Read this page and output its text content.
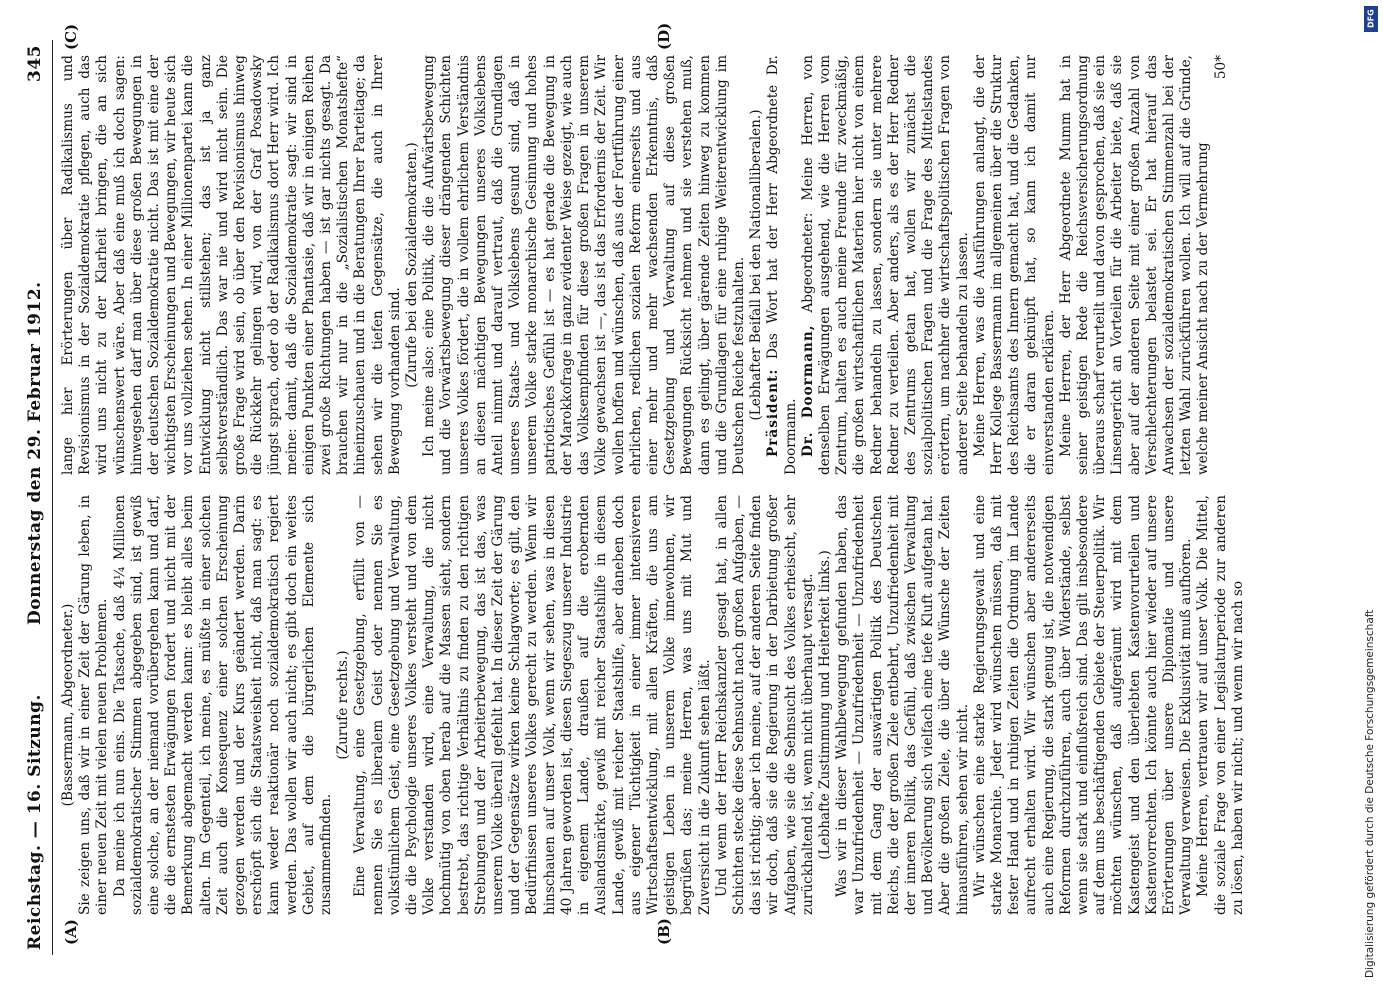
Reichstag. — 16. Sitzung.
Donnerstag den 29. Februar 1912.
345
(A)	(B)
(C)	(D)

(Bassermann, Abgeordneter.) Sie zeigen uns, daß wir in einer Zeit der Gärung leben, in einer neuen Zeit mit vielen neuen Problemen. Da meine ich nun eins. Die Tatsache, daß 4¼ Millionen sozialdemokratischer Stimmen abgegeben sind, ist gewiß eine solche, an der niemand vorübergehen kann und darf, die die ernstesten Erwägungen fordert und nicht mit der Bemerkung abgemacht werden kann: es bleibt alles beim alten. Im Gegenteil, ich meine, es müßte in einer solchen Zeit auch die Konsequenz einer solchen Erscheinung gezogen werden und der Kurs geändert werden. Darin erschöpft sich die Staatsweisheit nicht, daß man sagt: es kann weder reaktionär noch sozialdemokratisch regiert werden. Das wollen wir auch nicht; es gibt doch ein weites Gebiet, auf dem die bürgerlichen Elemente sich zusammenfinden.

(Zurufe rechts.) Eine Verwaltung, eine Gesetzgebung, erfüllt von — nennen Sie es liberalem Geist oder nennen Sie es volkstümlichem Geist, eine Gesetzgebung und Verwaltung, die die Psychologie unseres Volkes versteht und von dem Volke verstanden wird, eine Verwaltung, die nicht hochmütig von oben herab auf die Massen sieht, sondern bestrebt, das richtige Verhältnis zu finden zu den richtigen Strebungen und der Arbeiterbewegung, das ist das, was unserem Volke überall gefehlt hat. In dieser Zeit der Gärung und der Gegensätze wirken keine Schlagworte; es gilt, den Bedürfnissen unseres Volkes gerecht zu werden. Wenn wir hinschauen auf unser Volk, wenn wir sehen, was in diesen 40 Jahren geworden ist, diesen Siegeszug unserer Industrie in eigenem Lande, draußen auf die erobernden Auslandsmärkte, gewiß mit reicher Staatshilfe in diesem Lande, gewiß mit reicher Staatshilfe, aber daneben doch aus eigener Tüchtigkeit in einer immer intensiveren Wirtschaftsentwicklung, mit allen Kräften, die uns am geistigen Leben in unserem Volke innewohnen, wir begrüßen das; meine Herren, was uns mit Mut und Zuversicht in die Zukunft sehen läßt. Und wenn der Herr Reichskanzler gesagt hat, in allen Schichten stecke diese Sehnsucht nach großen Aufgaben, — das ist richtig; aber ich meine, auf der anderen Seite finden wir doch, daß sie die Regierung in der Darbietung großer Aufgaben, wie sie die Sehnsucht des Volkes erheischt, sehr zurückhaltend ist, wenn nicht überhaupt versagt. (Lebhafte Zustimmung und Heiterkeit links.) Was wir in dieser Wahlbewegung gefunden haben, das war Unzufriedenheit — Unzufriedenheit — Unzufriedenheit mit dem Gang der auswärtigen Politik des Deutschen Reichs, die der großen Ziele entbehrt, Unzufriedenheit mit der inneren Politik, das Gefühl, daß zwischen Verwaltung und Bevölkerung sich vielfach eine tiefe Kluft aufgetan hat. Aber die großen Ziele, die über die Wünsche der Zeiten hinausführen, sehen wir nicht. Wir wünschen eine starke Regierungsgewalt und eine starke Monarchie. Jeder wird wünschen müssen, daß mit fester Hand und in ruhigen Zeiten die Ordnung im Lande aufrecht erhalten wird. Wir wünschen aber andererseits auch eine Regierung, die stark genug ist, die notwendigen Reformen durchzuführen, auch über Widerstände, selbst wenn sie stark und einflußreich sind. Das gilt insbesondere auf dem uns beschäftigenden Gebiete der Steuerpolitik. Wir möchten wünschen, daß aufgeräumt wird mit dem Kastengeist und den überlebten Kastenvorurteilen und Kastenvorrechten. Ich könnte auch hier wieder auf unsere Erörterungen über unsere Diplomatie und unsere Verwaltung verweisen. Die Exklusivität muß aufhören. Meine Herren, vertrauen wir auf unser Volk. Die Mittel, die soziale Frage von einer Legislaturperiode zur anderen zu lösen, haben wir nicht; und wenn wir nach so

lange hier Erörterungen über Radikalismus und Revisionismus in der Sozialdemokratie pflegen, auch das wird uns nicht zu der Klarheit bringen, die an sich wünschenswert wäre. Aber daß eine muß ich doch sagen: hinwegsehen darf man über diese großen Bewegungen in der deutschen Sozialdemokratie nicht. Das ist mit eine der wichtigsten Erscheinungen und Bewegungen, wir heute sich vor uns vollziehen sehen. In einer Millionenpartei kann die Entwicklung nicht stillstehen; das ist ja ganz selbstverständlich. Das war nie und wird nicht sein. Die große Frage wird sein, ob über den Revisionismus hinweg die Rückkehr gelingen wird, von der Graf Posadowsky jüngst sprach, oder ob der Radikalismus dort Herr wird. Ich meine: damit, daß die Sozialdemokratie sagt: wir sind in einigen Punkten einer Phantasie, daß wir in einigen Reihen zwei große Richtungen haben — ist gar nichts gesagt. Da brauchen wir nur in die „Sozialistischen Monatshefte“ hineinzuschauen und in die Beratungen Ihrer Parteitage; da sehen wir die tiefen Gegensätze, die auch in Ihrer Bewegung vorhanden sind. (Zurufe bei den Sozialdemokraten.) Ich meine also: eine Politik, die die Aufwärtsbewegung und die Vorwärtsbewegung dieser drängenden Schichten unseres Volkes fördert, die in vollem ehrlichem Verständnis an diesen mächtigen Bewegungen unseres Volkslebens Anteil nimmt und darauf vertraut, daß die Grundlagen unseres Staats- und Volkslebens gesund sind, daß in unserem Volke starke monarchische Gesinnung und hohes patriotisches Gefühl ist — es hat gerade die Bewegung in der Marokkofrage in ganz evidenter Weise gezeigt, wie auch das Volksempfinden für diese großen Fragen in unserem Volke gewachsen ist —, das ist das Erfordernis der Zeit. Wir wollen hoffen und wünschen, daß aus der Fortführung einer ehrlichen, redlichen sozialen Reform einerseits und aus einer mehr und mehr wachsenden Erkenntnis, daß Gesetzgebung und Verwaltung auf diese großen Bewegungen Rücksicht nehmen und sie verstehen muß, dann es gelingt, über gärende Zeiten hinweg zu kommen und die Grundlagen für eine ruhige Weiterentwicklung im Deutschen Reiche festzuhalten. (Lebhafter Beifall bei den Nationalliberalen.) Präsident: Das Wort hat der Herr Abgeordnete Dr. Doormann. Dr. Doormann, Abgeordneter: Meine Herren, von denselben Erwägungen ausgehend, wie die Herren vom Zentrum, halten es auch meine Freunde für zweckmäßig, die großen wirtschaftlichen Materien hier nicht von einem Redner behandeln zu lassen, sondern sie unter mehrere Redner zu verteilen. Aber anders, als es der Herr Redner des Zentrums getan hat, wollen wir zunächst die sozialpolitischen Fragen und die Frage des Mittelstandes erörtern, um nachher die wirtschaftspolitischen Fragen von anderer Seite behandeln zu lassen. Meine Herren, was die Ausführungen anlangt, die der Herr Kollege Bassermann im allgemeinen über die Struktur des Reichsamts des Innern gemacht hat, und die Gedanken, die er daran geknüpft hat, so kann ich damit nur einverstanden erklären. Meine Herren, der Herr Abgeordnete Mumm hat in seiner geistigen Rede die Reichsversicherungsordnung überaus scharf verurteilt und davon gesprochen, daß sie ein Linsengericht an Vorteilen für die Arbeiter biete, daß sie aber auf der anderen Seite mit einer großen Anzahl von Verschlechterungen belastet sei. Er hat hierauf das Anwachsen der sozialdemokratischen Stimmenzahl bei der letzten Wahl zurückführen wollen. Ich will auf die Gründe, welche meiner Ansicht nach zu der Vermehrung

50*

DFG
Digitalisierung gefördert durch die Deutsche Forschungsgemeinschaft
